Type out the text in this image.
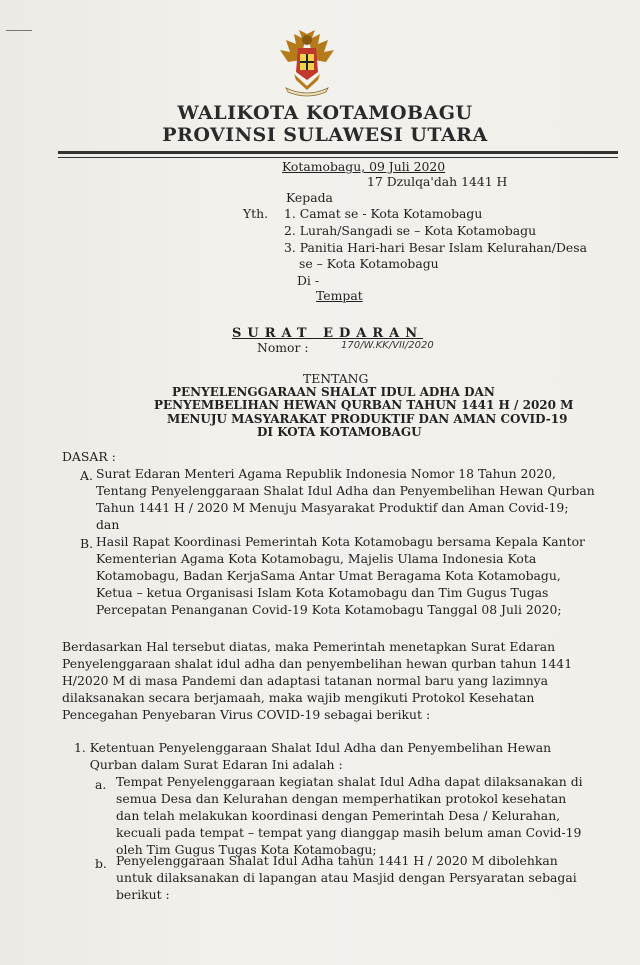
WALIKOTA KOTAMOBAGU
PROVINSI SULAWESI UTARA
Kotamobagu, 09 Juli 2020
17 Dzulqa'dah 1441 H
Kepada
Yth. 1. Camat se - Kota Kotamobagu
2. Lurah/Sangadi se – Kota Kotamobagu
3. Panitia Hari-hari Besar Islam Kelurahan/Desa
se – Kota Kotamobagu
Di -
Tempat
SURAT EDARAN
Nomor :	170/W.KK/VII/2020
TENTANG
PENYELENGGARAAN SHALAT IDUL ADHA DAN
PENYEMBELIHAN HEWAN QURBAN TAHUN 1441 H / 2020 M
MENUJU MASYARAKAT PRODUKTIF DAN AMAN COVID-19
DI KOTA KOTAMOBAGU
DASAR :
A. Surat Edaran Menteri Agama Republik Indonesia Nomor 18 Tahun 2020,
Tentang Penyelenggaraan Shalat Idul Adha dan Penyembelihan Hewan Qurban
Tahun 1441 H / 2020 M Menuju Masyarakat Produktif dan Aman Covid-19;
dan
B. Hasil Rapat Koordinasi Pemerintah Kota Kotamobagu bersama Kepala Kantor
Kementerian Agama Kota Kotamobagu, Majelis Ulama Indonesia Kota
Kotamobagu, Badan KerjaSama Antar Umat Beragama Kota Kotamobagu,
Ketua – ketua Organisasi Islam Kota Kotamobagu dan Tim Gugus Tugas
Percepatan Penanganan Covid-19 Kota Kotamobagu Tanggal 08 Juli 2020;
Berdasarkan Hal tersebut diatas, maka Pemerintah menetapkan Surat Edaran
Penyelenggaraan shalat idul adha dan penyembelihan hewan qurban tahun 1441
H/2020 M di masa Pandemi dan adaptasi tatanan normal baru yang lazimnya
dilaksanakan secara berjamaah, maka wajib mengikuti Protokol Kesehatan
Pencegahan Penyebaran Virus COVID-19 sebagai berikut :
1. Ketentuan Penyelenggaraan Shalat Idul Adha dan Penyembelihan Hewan
Qurban dalam Surat Edaran Ini adalah :
a. Tempat Penyelenggaraan kegiatan shalat Idul Adha dapat dilaksanakan di
semua Desa dan Kelurahan dengan memperhatikan protokol kesehatan
dan telah melakukan koordinasi dengan Pemerintah Desa / Kelurahan,
kecuali pada tempat – tempat yang dianggap masih belum aman Covid-19
oleh Tim Gugus Tugas Kota Kotamobagu;
b. Penyelenggaraan Shalat Idul Adha tahun 1441 H / 2020 M dibolehkan
untuk dilaksanakan di lapangan atau Masjid dengan Persyaratan sebagai
berikut :
